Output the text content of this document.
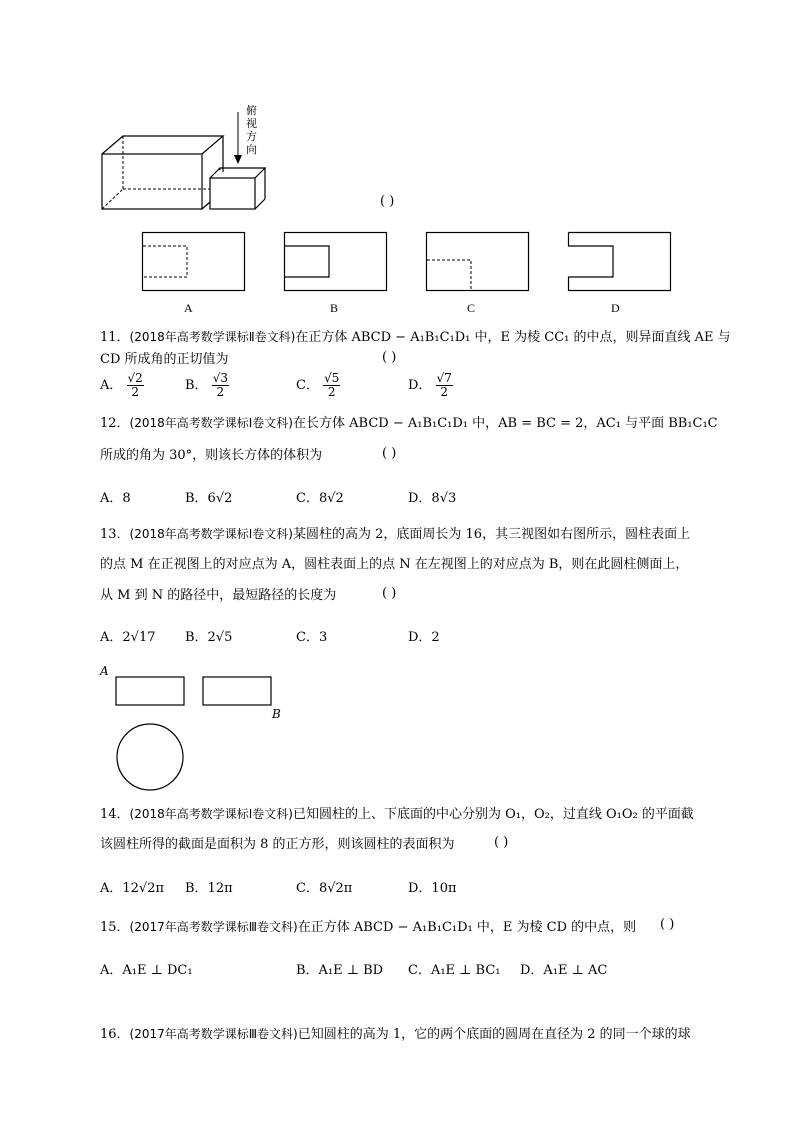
俯
视
方
向
( )
A	B	C	D
11．(2018年高考数学课标Ⅱ卷文科)在正方体 ABCD − A₁B₁C₁D₁ 中，E 为棱 CC₁ 的中点，则异面直线 AE 与
CD 所成角的正切值为	( )
A． $\frac{√2}{2}$	B． $\frac{√3}{2}$	C． $\frac{√5}{2}$	D． $\frac{√7}{2}$
12．(2018年高考数学课标Ⅰ卷文科)在长方体 ABCD − A₁B₁C₁D₁ 中，AB = BC = 2，AC₁ 与平面 BB₁C₁C
所成的角为 30°，则该长方体的体积为	( )
A．8	B．6√2	C．8√2	D．8√3
13．(2018年高考数学课标Ⅰ卷文科)某圆柱的高为 2，底面周长为 16，其三视图如右图所示，圆柱表面上
的点 M 在正视图上的对应点为 A，圆柱表面上的点 N 在左视图上的对应点为 B，则在此圆柱侧面上，
从 M 到 N 的路径中，最短路径的长度为	( )
A．2√17 B．2√5	C．3	D．2
A
B
14．(2018年高考数学课标Ⅰ卷文科)已知圆柱的上、下底面的中心分别为 O₁，O₂，过直线 O₁O₂ 的平面截
该圆柱所得的截面是面积为 8 的正方形，则该圆柱的表面积为	( )
A．12√2π B．12π	C．8√2π	D．10π
15．(2017年高考数学课标Ⅲ卷文科)在正方体 ABCD − A₁B₁C₁D₁ 中，E 为棱 CD 的中点，则 ( )
A．A₁E ⊥ DC₁	B．A₁E ⊥ BD C．A₁E ⊥ BC₁ D．A₁E ⊥ AC
16．(2017年高考数学课标Ⅲ卷文科)已知圆柱的高为 1，它的两个底面的圆周在直径为 2 的同一个球的球
